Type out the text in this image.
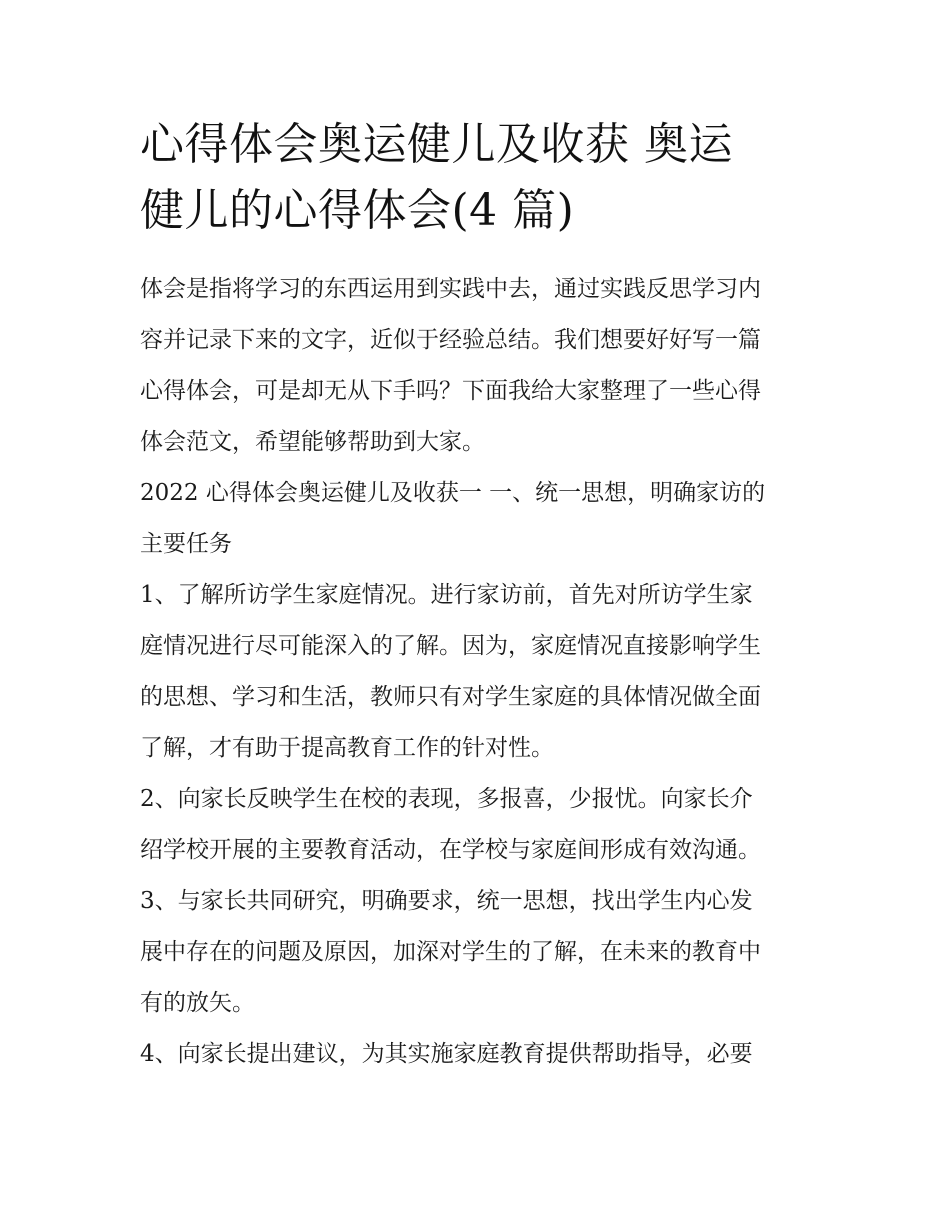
心得体会奥运健儿及收获 奥运
健儿的心得体会(4 篇)

体会是指将学习的东西运用到实践中去，通过实践反思学习内
容并记录下来的文字，近似于经验总结。我们想要好好写一篇
心得体会，可是却无从下手吗？下面我给大家整理了一些心得
体会范文，希望能够帮助到大家。

2022 心得体会奥运健儿及收获一 一、统一思想，明确家访的
主要任务

1、了解所访学生家庭情况。进行家访前，首先对所访学生家
庭情况进行尽可能深入的了解。因为，家庭情况直接影响学生
的思想、学习和生活，教师只有对学生家庭的具体情况做全面
了解，才有助于提高教育工作的针对性。

2、向家长反映学生在校的表现，多报喜，少报忧。向家长介
绍学校开展的主要教育活动，在学校与家庭间形成有效沟通。

3、与家长共同研究，明确要求，统一思想，找出学生内心发
展中存在的问题及原因，加深对学生的了解，在未来的教育中
有的放矢。

4、向家长提出建议，为其实施家庭教育提供帮助指导，必要
